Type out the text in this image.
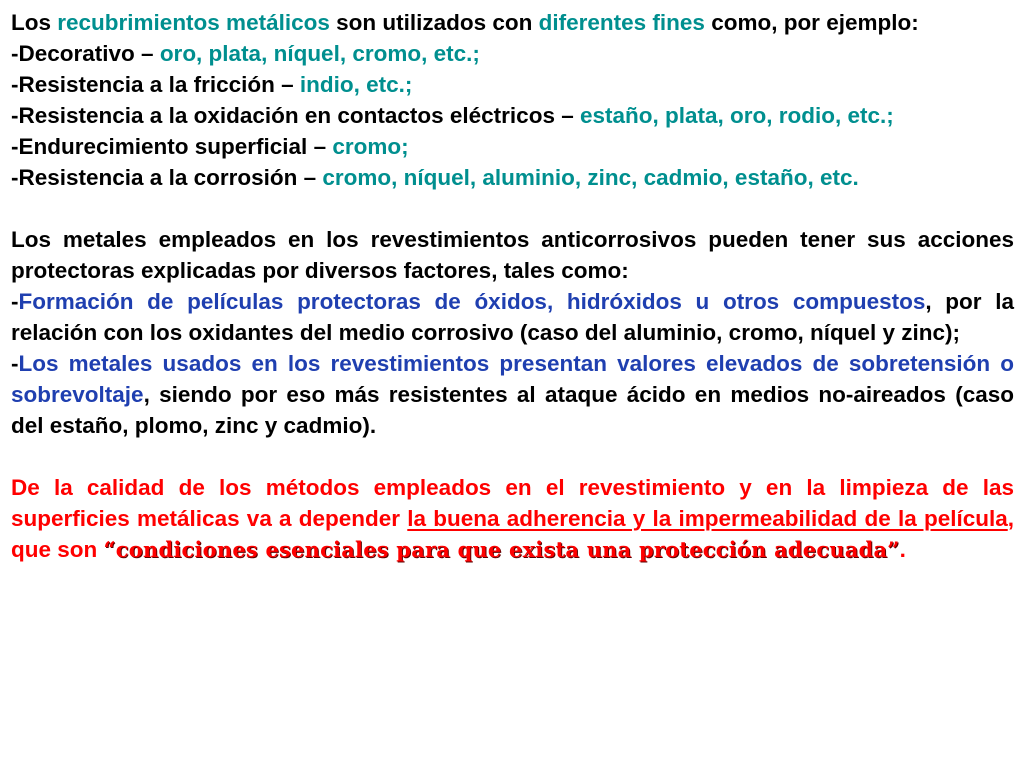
Los recubrimientos metálicos son utilizados con diferentes fines como, por ejemplo:
-Decorativo – oro, plata, níquel, cromo, etc.;
-Resistencia a la fricción – indio, etc.;
-Resistencia a la oxidación en contactos eléctricos – estaño, plata, oro, rodio, etc.;
-Endurecimiento superficial – cromo;
-Resistencia a la corrosión – cromo, níquel, aluminio, zinc, cadmio, estaño, etc.

Los metales empleados en los revestimientos anticorrosivos pueden tener sus acciones protectoras explicadas por diversos factores, tales como:
-Formación de películas protectoras de óxidos, hidróxidos u otros compuestos, por la relación con los oxidantes del medio corrosivo (caso del aluminio, cromo, níquel y zinc);
-Los metales usados en los revestimientos presentan valores elevados de sobretensión o sobrevoltaje, siendo por eso más resistentes al ataque ácido en medios no-aireados (caso del estaño, plomo, zinc y cadmio).

De la calidad de los métodos empleados en el revestimiento y en la limpieza de las superficies metálicas va a depender la buena adherencia y la impermeabilidad de la película, que son “condiciones esenciales para que exista una protección adecuada”.
